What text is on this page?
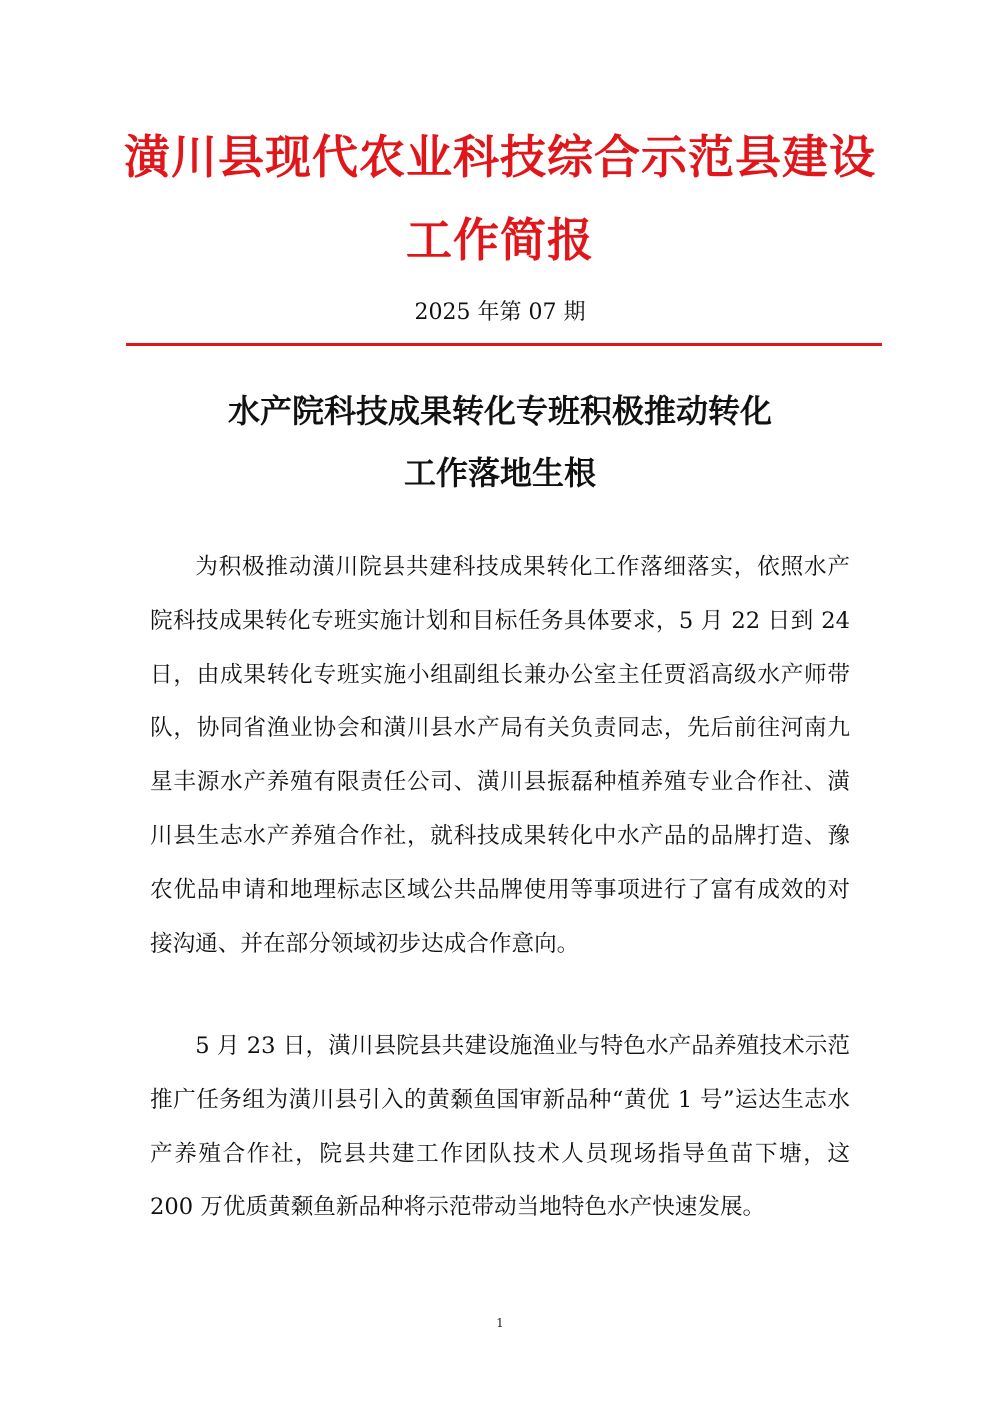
潢川县现代农业科技综合示范县建设
工作简报
2025 年第 07 期
水产院科技成果转化专班积极推动转化
工作落地生根

为积极推动潢川院县共建科技成果转化工作落细落实，依照水产院科技成果转化专班实施计划和目标任务具体要求，5 月 22 日到 24 日，由成果转化专班实施小组副组长兼办公室主任贾滔高级水产师带队，协同省渔业协会和潢川县水产局有关负责同志，先后前往河南九星丰源水产养殖有限责任公司、潢川县振磊种植养殖专业合作社、潢川县生志水产养殖合作社，就科技成果转化中水产品的品牌打造、豫农优品申请和地理标志区域公共品牌使用等事项进行了富有成效的对接沟通、并在部分领域初步达成合作意向。

5 月 23 日，潢川县院县共建设施渔业与特色水产品养殖技术示范推广任务组为潢川县引入的黄颡鱼国审新品种“黄优 1 号”运达生志水产养殖合作社，院县共建工作团队技术人员现场指导鱼苗下塘，这 200 万优质黄颡鱼新品种将示范带动当地特色水产快速发展。

1
